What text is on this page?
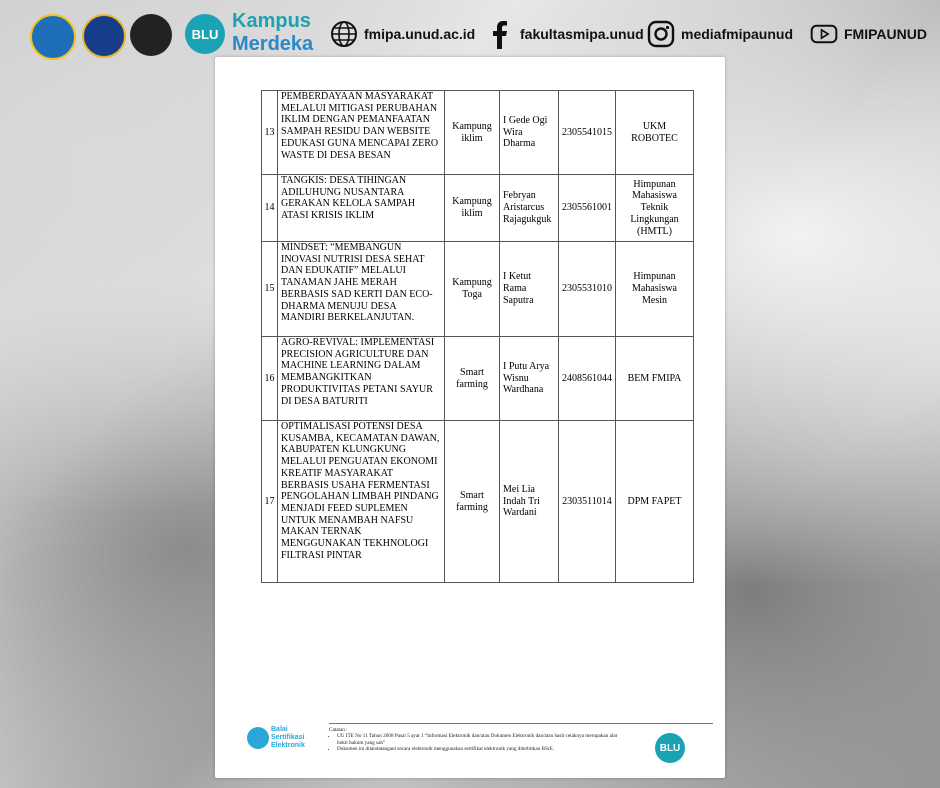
BLU
Kampus
Merdeka	fmipa.unud.ac.id	fakultasmipa.unud	mediafmipaunud	FMIPAUNUD
13	PEMBERDAYAAN MASYARAKAT MELALUI MITIGASI PERUBAHAN IKLIM DENGAN PEMANFAATAN SAMPAH RESIDU DAN WEBSITE EDUKASI GUNA MENCAPAI ZERO WASTE DI DESA BESAN	Kampung iklim	I Gede Ogi Wira Dharma	2305541015	UKM ROBOTEC
14	TANGKIS: DESA TIHINGAN ADILUHUNG NUSANTARA GERAKAN KELOLA SAMPAH ATASI KRISIS IKLIM	Kampung iklim	Febryan Aristarcus Rajagukguk	2305561001	Himpunan Mahasiswa Teknik Lingkungan (HMTL)
15	MINDSET: “MEMBANGUN INOVASI NUTRISI DESA SEHAT DAN EDUKATIF” MELALUI TANAMAN JAHE MERAH BERBASIS SAD KERTI DAN ECO-DHARMA MENUJU DESA MANDIRI BERKELANJUTAN.	Kampung Toga	I Ketut Rama Saputra	2305531010	Himpunan Mahasiswa Mesin
16	AGRO-REVIVAL: IMPLEMENTASI PRECISION AGRICULTURE DAN MACHINE LEARNING DALAM MEMBANGKITKAN PRODUKTIVITAS PETANI SAYUR DI DESA BATURITI	Smart farming	I Putu Arya Wisnu Wardhana	2408561044	BEM FMIPA
17	OPTIMALISASI POTENSI DESA KUSAMBA, KECAMATAN DAWAN, KABUPATEN KLUNGKUNG MELALUI PENGUATAN EKONOMI KREATIF MASYARAKAT BERBASIS USAHA FERMENTASI PENGOLAHAN LIMBAH PINDANG MENJADI FEED SUPLEMEN UNTUK MENAMBAH NAFSU MAKAN TERNAK MENGGUNAKAN TEKHNOLOGI FILTRASI PINTAR	Smart farming	Mei Lia Indah Tri Wardani	2303511014	DPM FAPET
Balai Sertifikasi Elektronik
Catatan :
• UU ITE No 11 Tahun 2008 Pasal 5 ayat 1 “Informasi Elektronik dan/atau Dokumen Elektronik dan/atau hasil cetaknya merupakan alat bukti hukum yang sah”
• Dokumen ini ditandatangani secara elektronik menggunakan sertifikat elektronik yang diterbitkan BSrE.	BLU
